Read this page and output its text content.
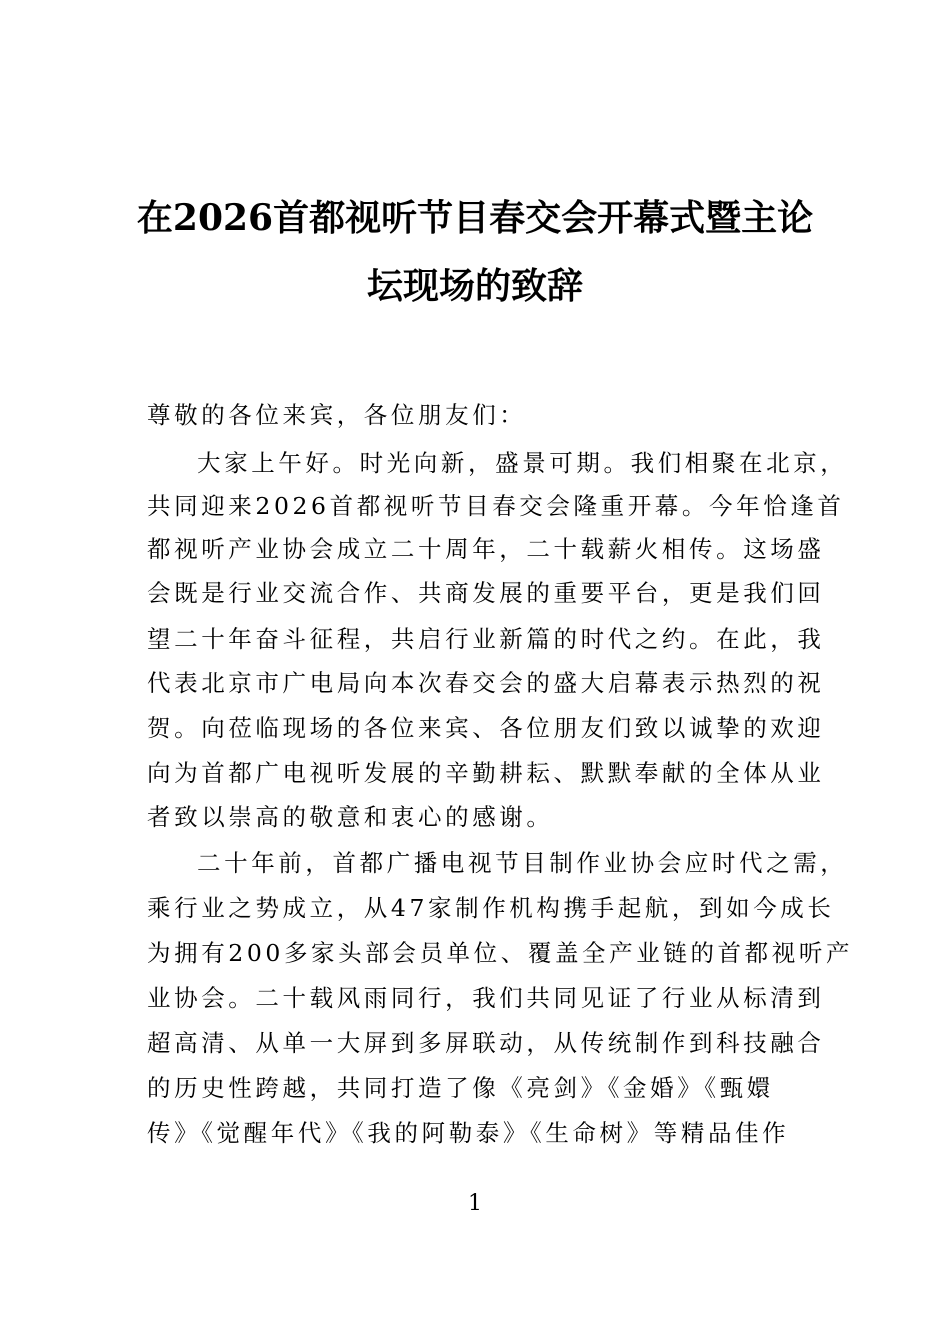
在2026首都视听节目春交会开幕式暨主论
坛现场的致辞
尊敬的各位来宾，各位朋友们：
大家上午好。时光向新，盛景可期。我们相聚在北京，
共同迎来2026首都视听节目春交会隆重开幕。今年恰逢首
都视听产业协会成立二十周年，二十载薪火相传。这场盛
会既是行业交流合作、共商发展的重要平台，更是我们回
望二十年奋斗征程，共启行业新篇的时代之约。在此，我
代表北京市广电局向本次春交会的盛大启幕表示热烈的祝
贺。向莅临现场的各位来宾、各位朋友们致以诚挚的欢迎
向为首都广电视听发展的辛勤耕耘、默默奉献的全体从业
者致以崇高的敬意和衷心的感谢。
二十年前，首都广播电视节目制作业协会应时代之需，
乘行业之势成立，从47家制作机构携手起航，到如今成长
为拥有200多家头部会员单位、覆盖全产业链的首都视听产
业协会。二十载风雨同行，我们共同见证了行业从标清到
超高清、从单一大屏到多屏联动，从传统制作到科技融合
的历史性跨越，共同打造了像《亮剑》《金婚》《甄嬛
传》《觉醒年代》《我的阿勒泰》《生命树》等精品佳作
1
